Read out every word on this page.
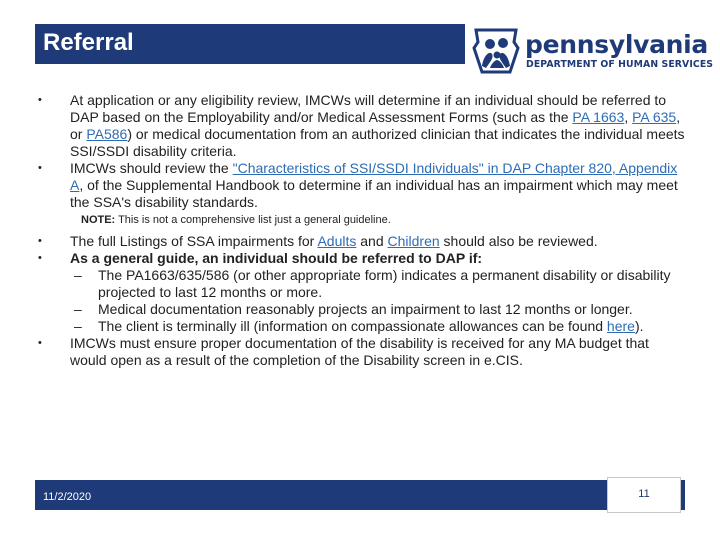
Referral	pennsylvania
DEPARTMENT OF HUMAN SERVICES
•	At application or any eligibility review, IMCWs will determine if an individual should be referred to DAP based on the Employability and/or Medical Assessment Forms (such as the PA 1663, PA 635, or PA586) or medical documentation from an authorized clinician that indicates the individual meets SSI/SSDI disability criteria.
•	IMCWs should review the "Characteristics of SSI/SSDI Individuals" in DAP Chapter 820, Appendix A, of the Supplemental Handbook to determine if an individual has an impairment which may meet the SSA's disability standards.
NOTE: This is not a comprehensive list just a general guideline.
•	The full Listings of SSA impairments for Adults and Children should also be reviewed.
•	As a general guide, an individual should be referred to DAP if:
– The PA1663/635/586 (or other appropriate form) indicates a permanent disability or disability projected to last 12 months or more.
– Medical documentation reasonably projects an impairment to last 12 months or longer.
– The client is terminally ill (information on compassionate allowances can be found here).
•	IMCWs must ensure proper documentation of the disability is received for any MA budget that would open as a result of the completion of the Disability screen in e.CIS.
11/2/2020	11
